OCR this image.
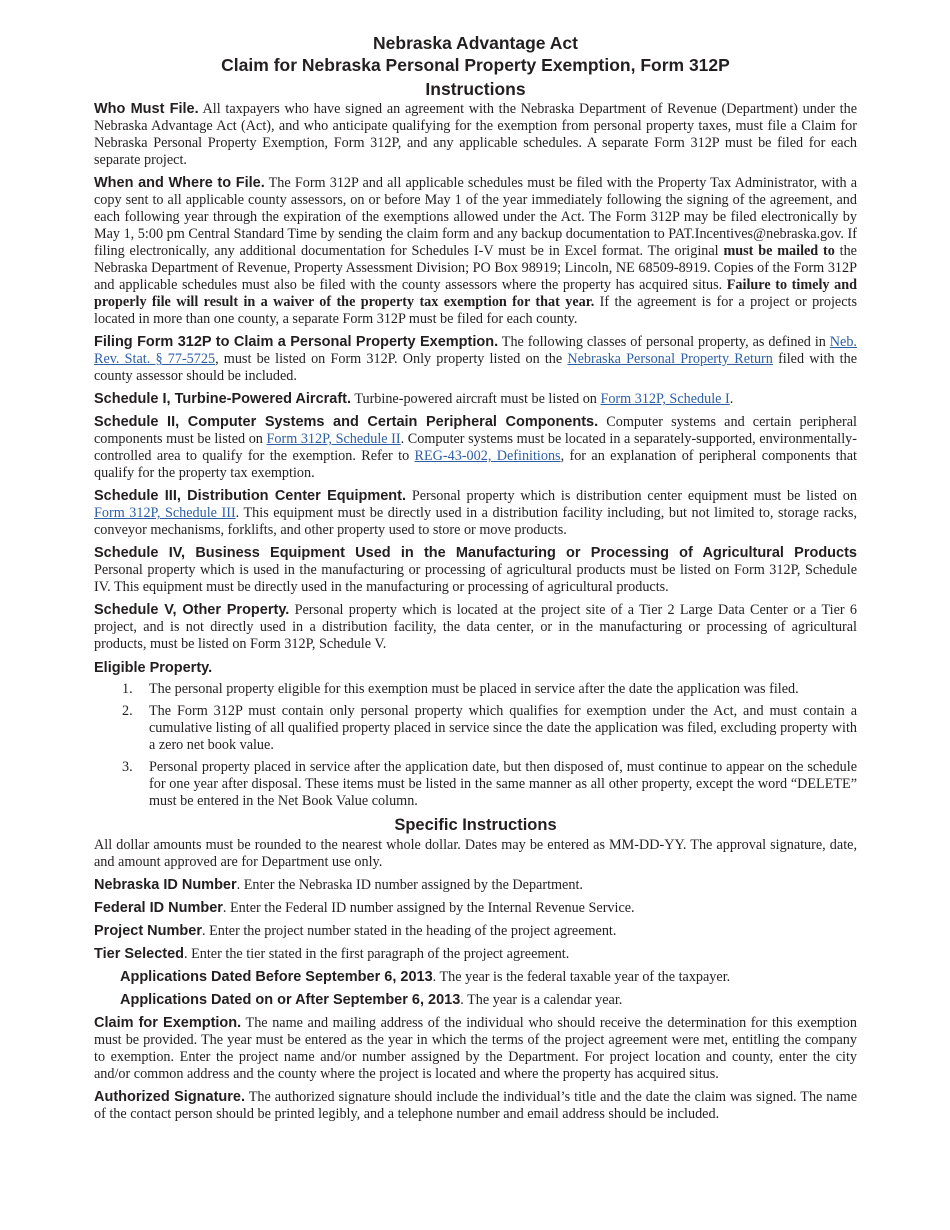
Nebraska Advantage Act
Claim for Nebraska Personal Property Exemption, Form 312P
Instructions

Who Must File. All taxpayers who have signed an agreement with the Nebraska Department of Revenue (Department) under the Nebraska Advantage Act (Act), and who anticipate qualifying for the exemption from personal property taxes, must file a Claim for Nebraska Personal Property Exemption, Form 312P, and any applicable schedules. A separate Form 312P must be filed for each separate project.

When and Where to File. The Form 312P and all applicable schedules must be filed with the Property Tax Administrator, with a copy sent to all applicable county assessors, on or before May 1 of the year immediately following the signing of the agreement, and each following year through the expiration of the exemptions allowed under the Act. The Form 312P may be filed electronically by May 1, 5:00 pm Central Standard Time by sending the claim form and any backup documentation to PAT.Incentives@nebraska.gov. If filing electronically, any additional documentation for Schedules I-V must be in Excel format. The original must be mailed to the Nebraska Department of Revenue, Property Assessment Division; PO Box 98919; Lincoln, NE 68509-8919. Copies of the Form 312P and applicable schedules must also be filed with the county assessors where the property has acquired situs. Failure to timely and properly file will result in a waiver of the property tax exemption for that year. If the agreement is for a project or projects located in more than one county, a separate Form 312P must be filed for each county.

Filing Form 312P to Claim a Personal Property Exemption. The following classes of personal property, as defined in Neb. Rev. Stat. § 77-5725, must be listed on Form 312P. Only property listed on the Nebraska Personal Property Return filed with the county assessor should be included.

Schedule I, Turbine-Powered Aircraft. Turbine-powered aircraft must be listed on Form 312P, Schedule I.

Schedule II, Computer Systems and Certain Peripheral Components. Computer systems and certain peripheral components must be listed on Form 312P, Schedule II. Computer systems must be located in a separately-supported, environmentally-controlled area to qualify for the exemption. Refer to REG-43-002, Definitions, for an explanation of peripheral components that qualify for the property tax exemption.

Schedule III, Distribution Center Equipment. Personal property which is distribution center equipment must be listed on Form 312P, Schedule III. This equipment must be directly used in a distribution facility including, but not limited to, storage racks, conveyor mechanisms, forklifts, and other property used to store or move products.

Schedule IV, Business Equipment Used in the Manufacturing or Processing of Agricultural Products
Personal property which is used in the manufacturing or processing of agricultural products must be listed on Form 312P, Schedule IV. This equipment must be directly used in the manufacturing or processing of agricultural products.

Schedule V, Other Property. Personal property which is located at the project site of a Tier 2 Large Data Center or a Tier 6 project, and is not directly used in a distribution facility, the data center, or in the manufacturing or processing of agricultural products, must be listed on Form 312P, Schedule V.

Eligible Property.
1. The personal property eligible for this exemption must be placed in service after the date the application was filed.
2. The Form 312P must contain only personal property which qualifies for exemption under the Act, and must contain a cumulative listing of all qualified property placed in service since the date the application was filed, excluding property with a zero net book value.
3. Personal property placed in service after the application date, but then disposed of, must continue to appear on the schedule for one year after disposal. These items must be listed in the same manner as all other property, except the word “DELETE” must be entered in the Net Book Value column.
Specific Instructions

All dollar amounts must be rounded to the nearest whole dollar. Dates may be entered as MM-DD-YY. The approval signature, date, and amount approved are for Department use only.

Nebraska ID Number. Enter the Nebraska ID number assigned by the Department.
Federal ID Number. Enter the Federal ID number assigned by the Internal Revenue Service.
Project Number. Enter the project number stated in the heading of the project agreement.
Tier Selected. Enter the tier stated in the first paragraph of the project agreement.
Applications Dated Before September 6, 2013. The year is the federal taxable year of the taxpayer.
Applications Dated on or After September 6, 2013. The year is a calendar year.

Claim for Exemption. The name and mailing address of the individual who should receive the determination for this exemption must be provided. The year must be entered as the year in which the terms of the project agreement were met, entitling the company to exemption. Enter the project name and/or number assigned by the Department. For project location and county, enter the city and/or common address and the county where the project is located and where the property has acquired situs.

Authorized Signature. The authorized signature should include the individual’s title and the date the claim was signed. The name of the contact person should be printed legibly, and a telephone number and email address should be included.
